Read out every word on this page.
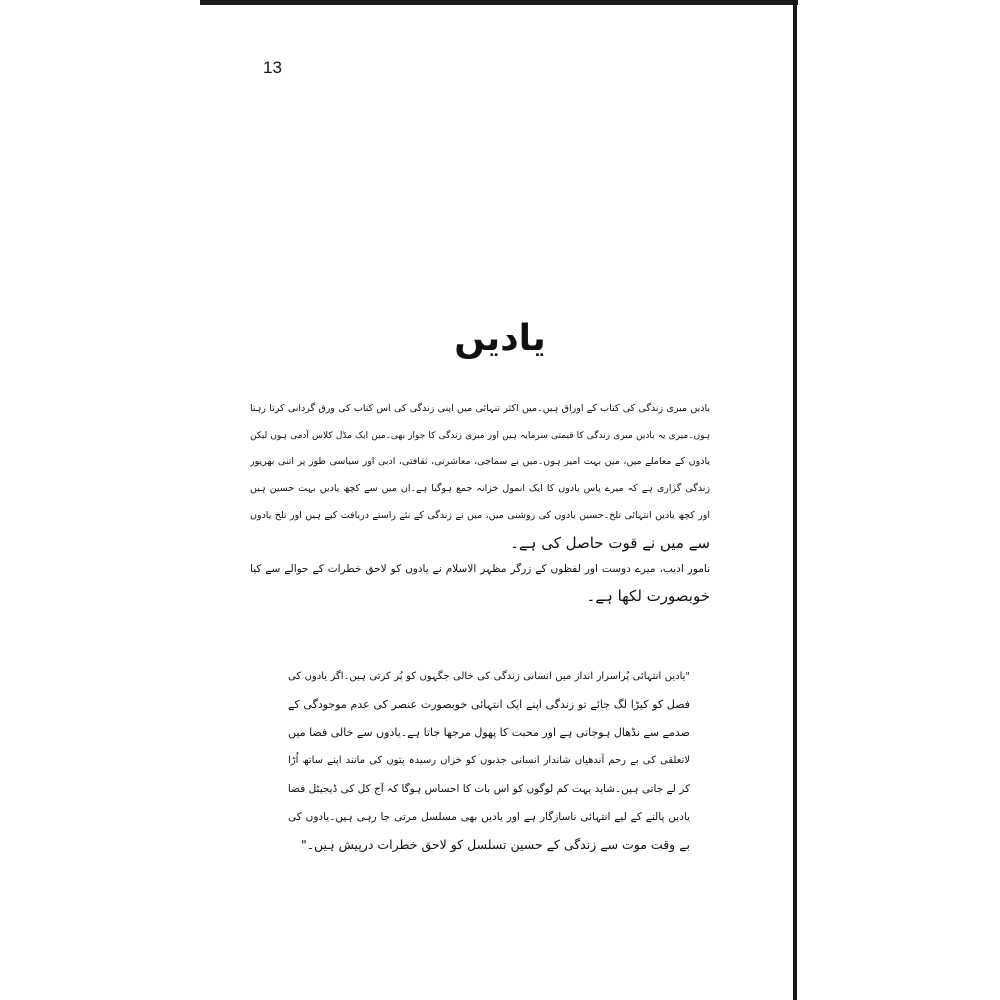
13
یادیں
یادیں میری زندگی کی کتاب کے اوراق ہیں۔میں اکثر تنہائی میں اپنی زندگی کی اس کتاب کی ورق گردانی کرتا رہتا
ہوں۔میری یہ یادیں میری زندگی کا قیمتی سرمایہ ہیں اور میری زندگی کا جواز بھی۔میں ایک مڈل کلاس آدمی ہوں لیکن
یادوں کے معاملے میں، میں بہت امیر ہوں۔میں نے سماجی، معاشرتی، ثقافتی، ادبی اور سیاسی طور پر اتنی بھرپور
زندگی گزاری ہے کہ میرے پاس یادوں کا ایک انمول خزانہ جمع ہوگیا ہے۔ان میں سے کچھ یادیں بہت حسین ہیں
اور کچھ یادیں انتہائی تلخ۔حسین یادوں کی روشنی میں، میں نے زندگی کے نئے راستے دریافت کیے ہیں اور تلخ یادوں
سے میں نے قوت حاصل کی ہے۔
نامور ادیب، میرے دوست اور لفظوں کے زرگر مظہر الاسلام نے یادوں کو لاحق خطرات کے حوالے سے کیا
خوبصورت لکھا ہے۔
"یادیں انتہائی پُراسرار انداز میں انسانی زندگی کی خالی جگہوں کو پُر کرتی ہیں۔اگر یادوں کی
فصل کو کیڑا لگ جائے تو زندگی اپنے ایک انتہائی خوبصورت عنصر کی عدم موجودگی کے
صدمے سے نڈھال ہوجاتی ہے اور محبت کا پھول مرجھا جاتا ہے۔یادوں سے خالی فضا میں
لاتعلقی کی بے رحم آندھیاں شاندار انسانی جذبوں کو خزاں رسیدہ پتوں کی مانند اپنے ساتھ اُڑا
کر لے جاتی ہیں۔شاید بہت کم لوگوں کو اس بات کا احساس ہوگا کہ آج کل کی ڈیجیٹل فضا
یادیں پالنے کے لیے انتہائی ناسازگار ہے اور یادیں بھی مسلسل مرتی جا رہی ہیں۔یادوں کی
بے وقت موت سے زندگی کے حسین تسلسل کو لاحق خطرات درپیش ہیں۔"
